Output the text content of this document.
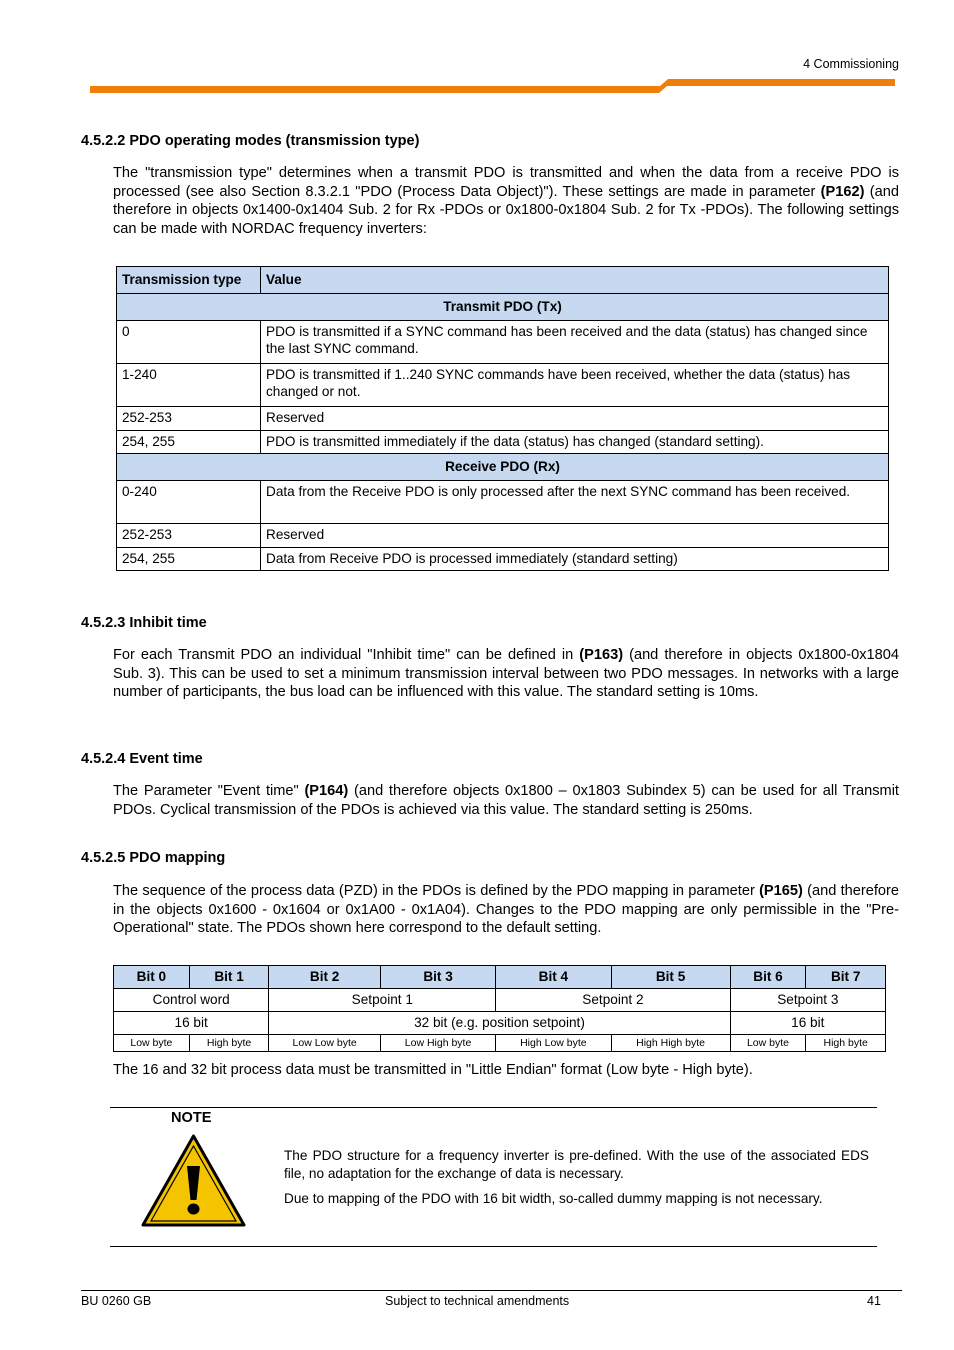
4 Commissioning
4.5.2.2 PDO operating modes (transmission type)

The "transmission type" determines when a transmit PDO is transmitted and when the data from a receive PDO is processed (see also Section 8.3.2.1 "PDO (Process Data Object)"). These settings are made in parameter (P162) (and therefore in objects 0x1400-0x1404 Sub. 2 for Rx -PDOs or 0x1800-0x1804 Sub. 2 for Tx -PDOs). The following settings can be made with NORDAC frequency inverters:

Transmission type	Value
Transmit PDO (Tx)	
0	PDO is transmitted if a SYNC command has been received and the data (status) has changed since the last SYNC command.
1-240	PDO is transmitted if 1..240 SYNC commands have been received, whether the data (status) has changed or not.
252-253	Reserved
254, 255	PDO is transmitted immediately if the data (status) has changed (standard setting).
Receive PDO (Rx)	
0-240	Data from the Receive PDO is only processed after the next SYNC command has been received.
252-253	Reserved
254, 255	Data from Receive PDO is processed immediately (standard setting)
4.5.2.3 Inhibit time

For each Transmit PDO an individual "Inhibit time" can be defined in (P163) (and therefore in objects 0x1800-0x1804 Sub. 3). This can be used to set a minimum transmission interval between two PDO messages. In networks with a large number of participants, the bus load can be influenced with this value. The standard setting is 10ms.

4.5.2.4 Event time

The Parameter "Event time" (P164) (and therefore objects 0x1800 – 0x1803 Subindex 5) can be used for all Transmit PDOs. Cyclical transmission of the PDOs is achieved via this value. The standard setting is 250ms.

4.5.2.5 PDO mapping

The sequence of the process data (PZD) in the PDOs is defined by the PDO mapping in parameter (P165) (and therefore in the objects 0x1600 - 0x1604 or 0x1A00 - 0x1A04). Changes to the PDO mapping are only permissible in the "Pre-Operational" state. The PDOs shown here correspond to the default setting.

Bit 0	Bit 1	Bit 2	Bit 3	Bit 4	Bit 5	Bit 6	Bit 7
Control word		Setpoint 1		Setpoint 2		Setpoint 3	
16 bit		32 bit (e.g. position setpoint)				16 bit	
Low byte	High byte	Low Low byte	Low High byte	High Low byte	High High byte	Low byte	High byte

The 16 and 32 bit process data must be transmitted in "Little Endian" format (Low byte - High byte).

NOTE

The PDO structure for a frequency inverter is pre-defined. With the use of the associated EDS file, no adaptation for the exchange of data is necessary.

Due to mapping of the PDO with 16 bit width, so-called dummy mapping is not necessary.

BU 0260 GB	Subject to technical amendments	41
